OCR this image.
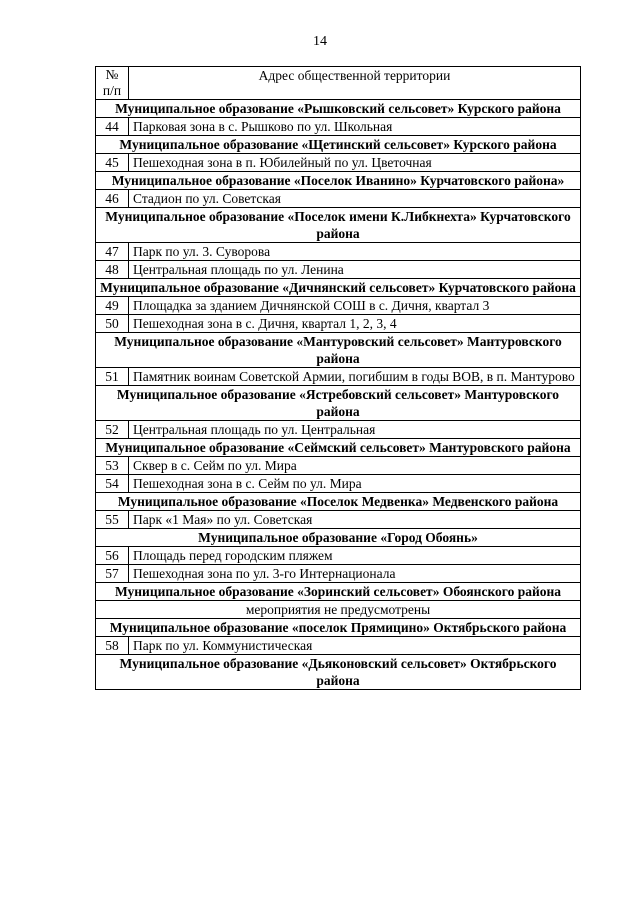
14
№
п/п	Адрес общественной территории
Муниципальное образование «Рышковский сельсовет» Курского района	
44	Парковая зона в с. Рышково по ул. Школьная
Муниципальное образование «Щетинский сельсовет» Курского района	
45	Пешеходная зона в п. Юбилейный по ул. Цветочная
Муниципальное образование «Поселок Иванино» Курчатовского района»	
46	Стадион по ул. Советская
Муниципальное образование «Поселок имени К.Либкнехта» Курчатовского района	
47	Парк по ул. 3. Суворова
48	Центральная площадь по ул. Ленина
Муниципальное образование «Дичнянский сельсовет» Курчатовского района	
49	Площадка за зданием Дичнянской СОШ в с. Дичня, квартал 3
50	Пешеходная зона в с. Дичня, квартал 1, 2, 3, 4
Муниципальное образование «Мантуровский сельсовет» Мантуровского района	
51	Памятник воинам Советской Армии, погибшим в годы ВОВ, в п. Мантурово
Муниципальное образование «Ястребовский сельсовет» Мантуровского района	
52	Центральная площадь по ул. Центральная
Муниципальное образование «Сеймский сельсовет» Мантуровского района	
53	Сквер в с. Сейм по ул. Мира
54	Пешеходная зона в с. Сейм по ул. Мира
Муниципальное образование «Поселок Медвенка» Медвенского района	
55	Парк «1 Мая» по ул. Советская
Муниципальное образование «Город Обоянь»	
56	Площадь перед городским пляжем
57	Пешеходная зона по ул. 3-го Интернационала
Муниципальное образование «Зоринский сельсовет» Обоянского района	
мероприятия не предусмотрены	
Муниципальное образование «поселок Прямицино» Октябрьского района	
58	Парк по ул. Коммунистическая
Муниципальное образование «Дьяконовский сельсовет» Октябрьского района	
